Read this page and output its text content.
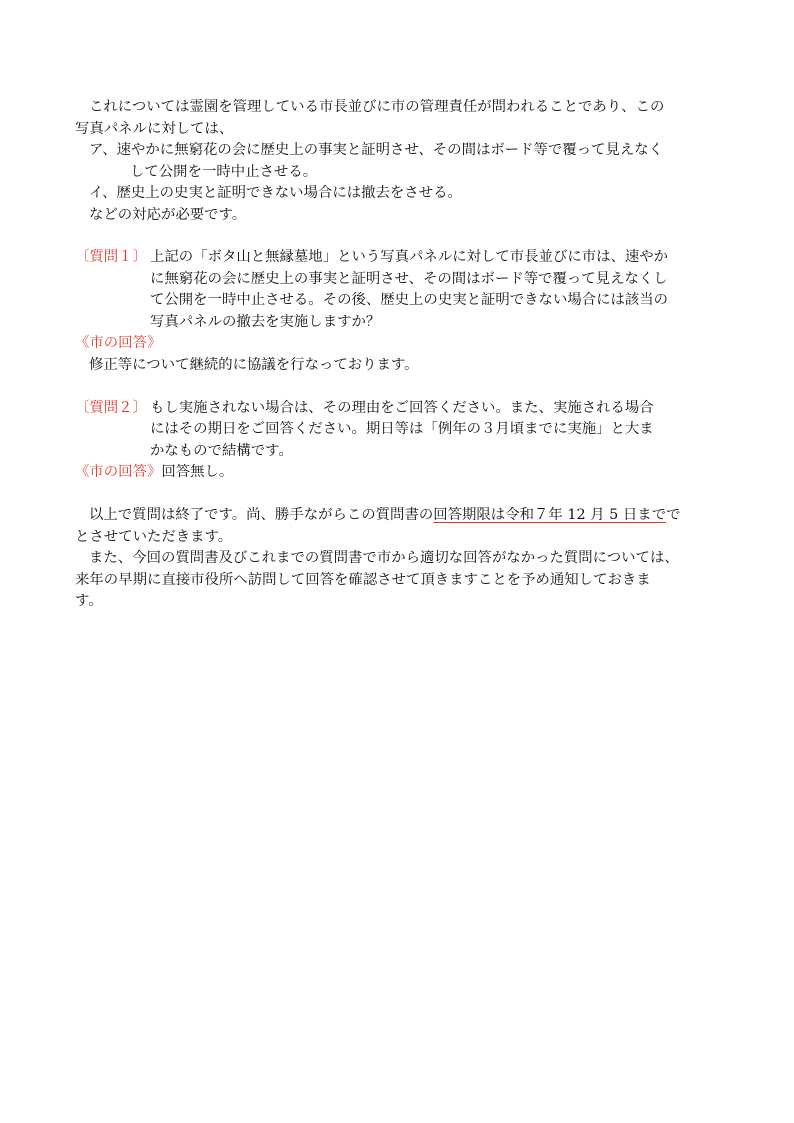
これについては霊園を管理している市長並びに市の管理責任が問われることであり、この
写真パネルに対しては、
ア、速やかに無窮花の会に歴史上の事実と証明させ、その間はボード等で覆って見えなく
して公開を一時中止させる。
イ、歴史上の史実と証明できない場合には撤去をさせる。
などの対応が必要です。
〔質問１〕 上記の「ボタ山と無縁墓地」という写真パネルに対して市長並びに市は、速やか
に無窮花の会に歴史上の事実と証明させ、その間はボード等で覆って見えなくし
て公開を一時中止させる。その後、歴史上の史実と証明できない場合には該当の
写真パネルの撤去を実施しますか？
《市の回答》
修正等について継続的に協議を行なっております。
〔質問２〕 もし実施されない場合は、その理由をご回答ください。また、実施される場合
にはその期日をご回答ください。期日等は「例年の３月頃までに実施」と大ま
かなもので結構です。
《市の回答》回答無し。
以上で質問は終了です。尚、勝手ながらこの質問書の回答期限は令和７年 12 月 5 日までで
とさせていただきます。
また、今回の質問書及びこれまでの質問書で市から適切な回答がなかった質問については、
来年の早期に直接市役所へ訪問して回答を確認させて頂きますことを予め通知しておきま
す。
